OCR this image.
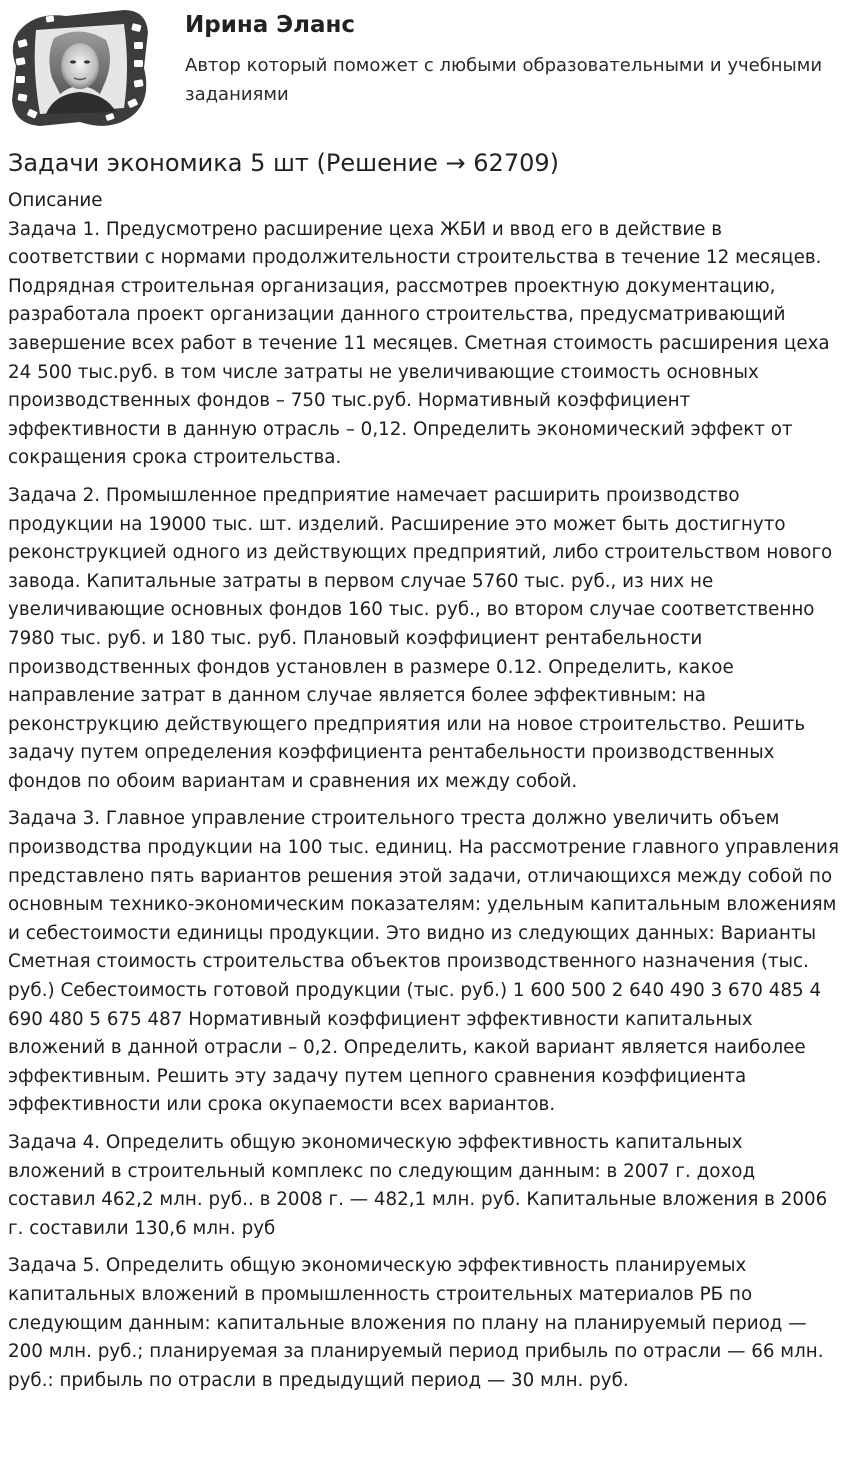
Ирина Эланс

Автор который поможет с любыми образовательными и учебными заданиями

Задачи экономика 5 шт (Решение → 62709)

Описание

Задача 1. Предусмотрено расширение цеха ЖБИ и ввод его в действие в соответствии с нормами продолжительности строительства в течение 12 месяцев. Подрядная строительная организация, рассмотрев проектную документацию, разработала проект организации данного строительства, предусматривающий завершение всех работ в течение 11 месяцев. Сметная стоимость расширения цеха 24 500 тыс.руб. в том числе затраты не увеличивающие стоимость основных производственных фондов – 750 тыс.руб. Нормативный коэффициент эффективности в данную отрасль – 0,12. Определить экономический эффект от сокращения срока строительства.

Задача 2. Промышленное предприятие намечает расширить производство продукции на 19000 тыс. шт. изделий. Расширение это может быть достигнуто реконструкцией одного из действующих предприятий, либо строительством нового завода. Капитальные затраты в первом случае 5760 тыс. руб., из них не увеличивающие основных фондов 160 тыс. руб., во втором случае соответственно 7980 тыс. руб. и 180 тыс. руб. Плановый коэффициент рентабельности производственных фондов установлен в размере 0.12. Определить, какое направление затрат в данном случае является более эффективным: на реконструкцию действующего предприятия или на новое строительство. Решить задачу путем определения коэффициента рентабельности производственных фондов по обоим вариантам и сравнения их между собой.

Задача 3. Главное управление строительного треста должно увеличить объем производства продукции на 100 тыс. единиц. На рассмотрение главного управления представлено пять вариантов решения этой задачи, отличающихся между собой по основным технико-экономическим показателям: удельным капитальным вложениям и себестоимости единицы продукции. Это видно из следующих данных: Варианты Сметная стоимость строительства объектов производственного назначения (тыс. руб.) Себестоимость готовой продукции (тыс. руб.) 1 600 500 2 640 490 3 670 485 4 690 480 5 675 487 Нормативный коэффициент эффективности капитальных вложений в данной отрасли – 0,2. Определить, какой вариант является наиболее эффективным. Решить эту задачу путем цепного сравнения коэффициента эффективности или срока окупаемости всех вариантов.

Задача 4. Определить общую экономическую эффективность капитальных вложений в строительный комплекс по следующим данным: в 2007 г. доход составил 462,2 млн. руб.. в 2008 г. — 482,1 млн. руб. Капитальные вложения в 2006 г. составили 130,6 млн. руб

Задача 5. Определить общую экономическую эффективность планируемых капитальных вложений в промышленность строительных материалов РБ по следующим данным: капитальные вложения по плану на планируемый период — 200 млн. руб.; планируемая за планируемый период прибыль по отрасли — 66 млн. руб.: прибыль по отрасли в предыдущий период — 30 млн. руб.
